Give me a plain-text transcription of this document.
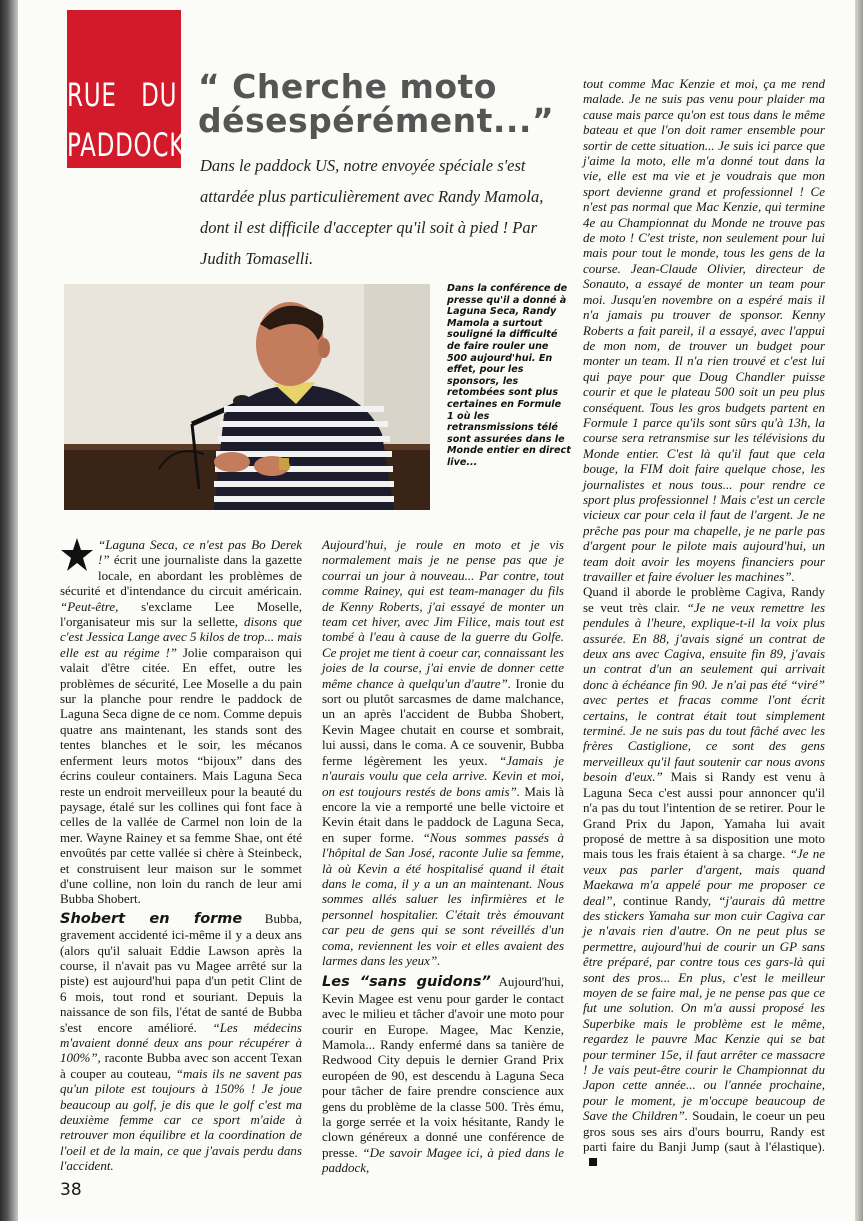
RUE DU
PADDOCK
“ Cherche moto désespérément...”
Dans le paddock US, notre envoyée spéciale s'est attardée plus particulièrement avec Randy Mamola, dont il est difficile d'accepter qu'il soit à pied ! Par Judith Tomaselli.
Dans la conférence de presse qu'il a donné à Laguna Seca, Randy Mamola a surtout souligné la difficulté de faire rouler une 500 aujourd'hui. En effet, pour les sponsors, les retombées sont plus certaines en Formule 1 où les retransmissions télé sont assurées dans le Monde entier en direct live...

“Laguna Seca, ce n'est pas Bo Derek !” écrit une journaliste dans la gazette locale, en abordant les problèmes de sécurité et d'intendance du circuit américain. “Peut-être, s'exclame Lee Moselle, l'organisateur mis sur la sellette, disons que c'est Jessica Lange avec 5 kilos de trop... mais elle est au régime !” Jolie comparaison qui valait d'être citée. En effet, outre les problèmes de sécurité, Lee Moselle a du pain sur la planche pour rendre le paddock de Laguna Seca digne de ce nom. Comme depuis quatre ans maintenant, les stands sont des tentes blanches et le soir, les mécanos enferment leurs motos “bijoux” dans des écrins couleur containers. Mais Laguna Seca reste un endroit merveilleux pour la beauté du paysage, étalé sur les collines qui font face à celles de la vallée de Carmel non loin de la mer. Wayne Rainey et sa femme Shae, ont été envoûtés par cette vallée si chère à Steinbeck, et construisent leur maison sur le sommet d'une colline, non loin du ranch de leur ami Bubba Shobert.

Shobert en forme Bubba, gravement accidenté ici-même il y a deux ans (alors qu'il saluait Eddie Lawson après la course, il n'avait pas vu Magee arrêté sur la piste) est aujourd'hui papa d'un petit Clint de 6 mois, tout rond et souriant. Depuis la naissance de son fils, l'état de santé de Bubba s'est encore amélioré. “Les médecins m'avaient donné deux ans pour récupérer à 100%”, raconte Bubba avec son accent Texan à couper au couteau, “mais ils ne savent pas qu'un pilote est toujours à 150% ! Je joue beaucoup au golf, je dis que le golf c'est ma deuxième femme car ce sport m'aide à retrouver mon équilibre et la coordination de l'oeil et de la main, ce que j'avais perdu dans l'accident.

Aujourd'hui, je roule en moto et je vis normalement mais je ne pense pas que je courrai un jour à nouveau... Par contre, tout comme Rainey, qui est team-manager du fils de Kenny Roberts, j'ai essayé de monter un team cet hiver, avec Jim Filice, mais tout est tombé à l'eau à cause de la guerre du Golfe. Ce projet me tient à coeur car, connaissant les joies de la course, j'ai envie de donner cette même chance à quelqu'un d'autre”. Ironie du sort ou plutôt sarcasmes de dame malchance, un an après l'accident de Bubba Shobert, Kevin Magee chutait en course et sombrait, lui aussi, dans le coma. A ce souvenir, Bubba ferme légèrement les yeux. “Jamais je n'aurais voulu que cela arrive. Kevin et moi, on est toujours restés de bons amis”. Mais là encore la vie a remporté une belle victoire et Kevin était dans le paddock de Laguna Seca, en super forme. “Nous sommes passés à l'hôpital de San José, raconte Julie sa femme, là où Kevin a été hospitalisé quand il était dans le coma, il y a un an maintenant. Nous sommes allés saluer les infirmières et le personnel hospitalier. C'était très émouvant car peu de gens qui se sont réveillés d'un coma, reviennent les voir et elles avaient des larmes dans les yeux”.

Les “sans guidons” Aujourd'hui, Kevin Magee est venu pour garder le contact avec le milieu et tâcher d'avoir une moto pour courir en Europe. Magee, Mac Kenzie, Mamola... Randy enfermé dans sa tanière de Redwood City depuis le dernier Grand Prix européen de 90, est descendu à Laguna Seca pour tâcher de faire prendre conscience aux gens du problème de la classe 500. Très ému, la gorge serrée et la voix hésitante, Randy le clown généreux a donné une conférence de presse. “De savoir Magee ici, à pied dans le paddock,

tout comme Mac Kenzie et moi, ça me rend malade. Je ne suis pas venu pour plaider ma cause mais parce qu'on est tous dans le même bateau et que l'on doit ramer ensemble pour sortir de cette situation... Je suis ici parce que j'aime la moto, elle m'a donné tout dans la vie, elle est ma vie et je voudrais que mon sport devienne grand et professionnel ! Ce n'est pas normal que Mac Kenzie, qui termine 4e au Championnat du Monde ne trouve pas de moto ! C'est triste, non seulement pour lui mais pour tout le monde, tous les gens de la course. Jean-Claude Olivier, directeur de Sonauto, a essayé de monter un team pour moi. Jusqu'en novembre on a espéré mais il n'a jamais pu trouver de sponsor. Kenny Roberts a fait pareil, il a essayé, avec l'appui de mon nom, de trouver un budget pour monter un team. Il n'a rien trouvé et c'est lui qui paye pour que Doug Chandler puisse courir et que le plateau 500 soit un peu plus conséquent. Tous les gros budgets partent en Formule 1 parce qu'ils sont sûrs qu'à 13h, la course sera retransmise sur les télévisions du Monde entier. C'est là qu'il faut que cela bouge, la FIM doit faire quelque chose, les journalistes et nous tous... pour rendre ce sport plus professionnel ! Mais c'est un cercle vicieux car pour cela il faut de l'argent. Je ne prêche pas pour ma chapelle, je ne parle pas d'argent pour le pilote mais aujourd'hui, un team doit avoir les moyens financiers pour travailler et faire évoluer les machines”.

Quand il aborde le problème Cagiva, Randy se veut très clair. “Je ne veux remettre les pendules à l'heure, explique-t-il la voix plus assurée. En 88, j'avais signé un contrat de deux ans avec Cagiva, ensuite fin 89, j'avais un contrat d'un an seulement qui arrivait donc à échéance fin 90. Je n'ai pas été “viré” avec pertes et fracas comme l'ont écrit certains, le contrat était tout simplement terminé. Je ne suis pas du tout fâché avec les frères Castiglione, ce sont des gens merveilleux qu'il faut soutenir car nous avons besoin d'eux.” Mais si Randy est venu à Laguna Seca c'est aussi pour annoncer qu'il n'a pas du tout l'intention de se retirer. Pour le Grand Prix du Japon, Yamaha lui avait proposé de mettre à sa disposition une moto mais tous les frais étaient à sa charge. “Je ne veux pas parler d'argent, mais quand Maekawa m'a appelé pour me proposer ce deal”, continue Randy, “j'aurais dû mettre des stickers Yamaha sur mon cuir Cagiva car je n'avais rien d'autre. On ne peut plus se permettre, aujourd'hui de courir un GP sans être préparé, par contre tous ces gars-là qui sont des pros... En plus, c'est le meilleur moyen de se faire mal, je ne pense pas que ce fut une solution. On m'a aussi proposé les Superbike mais le problème est le même, regardez le pauvre Mac Kenzie qui se bat pour terminer 15e, il faut arrêter ce massacre ! Je vais peut-être courir le Championnat du Japon cette année... ou l'année prochaine, pour le moment, je m'occupe beaucoup de Save the Children”. Soudain, le coeur un peu gros sous ses airs d'ours bourru, Randy est parti faire du Banji Jump (saut à l'élastique).

38
